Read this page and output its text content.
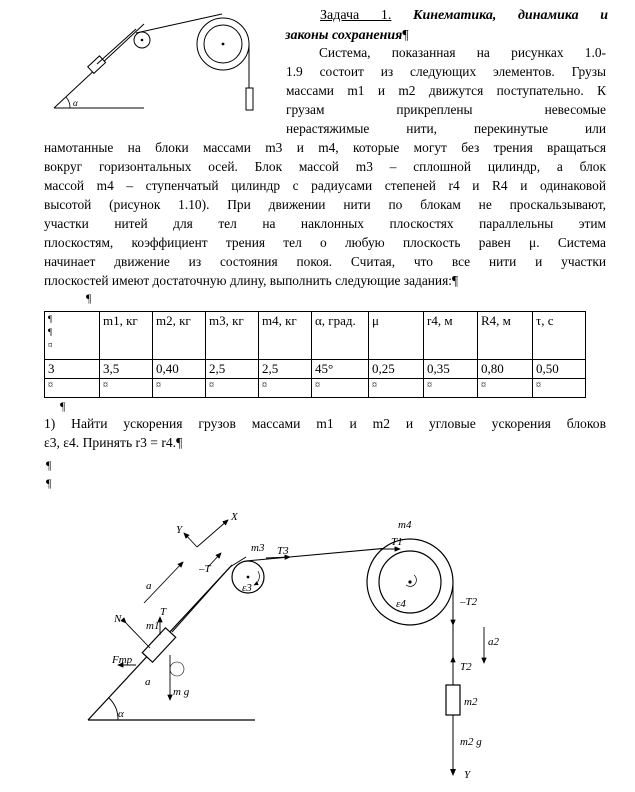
α
Задача 1. Кинематика, динамика и
законы сохранения¶
Система, показанная на рисунках 1.0-
1.9 состоит из следующих элементов. Грузы
массами m1 и m2 движутся поступательно. К
грузам прикреплены невесомые
нерастяжимые нити, перекинутые или
намотанные на блоки массами m3 и m4, которые могут без трения вращаться
вокруг горизонтальных осей. Блок массой m3 – сплошной цилиндр, а блок
массой m4 – ступенчатый цилиндр с радиусами степеней r4 и R4 и одинаковой
высотой (рисунок 1.10). При движении нити по блокам не проскальзывают,
участки нитей для тел на наклонных плоскостях параллельны этим
плоскостям, коэффициент трения тел о любую плоскость равен μ. Система
начинает движение из состояния покоя. Считая, что все нити и участки
плоскостей имеют достаточную длину, выполнить следующие задания:¶
¶
¶
¶
¤	m1, кг	m2, кг	m3, кг	m4, кг	α, град.	μ	r4, м	R4, м	τ, с
3	3,5	0,40	2,5	2,5	45°	0,25	0,35	0,80	0,50
¤	¤	¤	¤	¤	¤	¤	¤	¤	¤
¶
1) Найти ускорения грузов массами m1 и m2 и угловые ускорения блоков
ε3, ε4. Принять r3 = r4.¶
¶
¶
α
m1
N
T
Fтр
m g
a
a
X
Y
–T
ε3
m3 T3
ε4
m4
T1
–T2
a2
T2
m2
m2 g
Y
